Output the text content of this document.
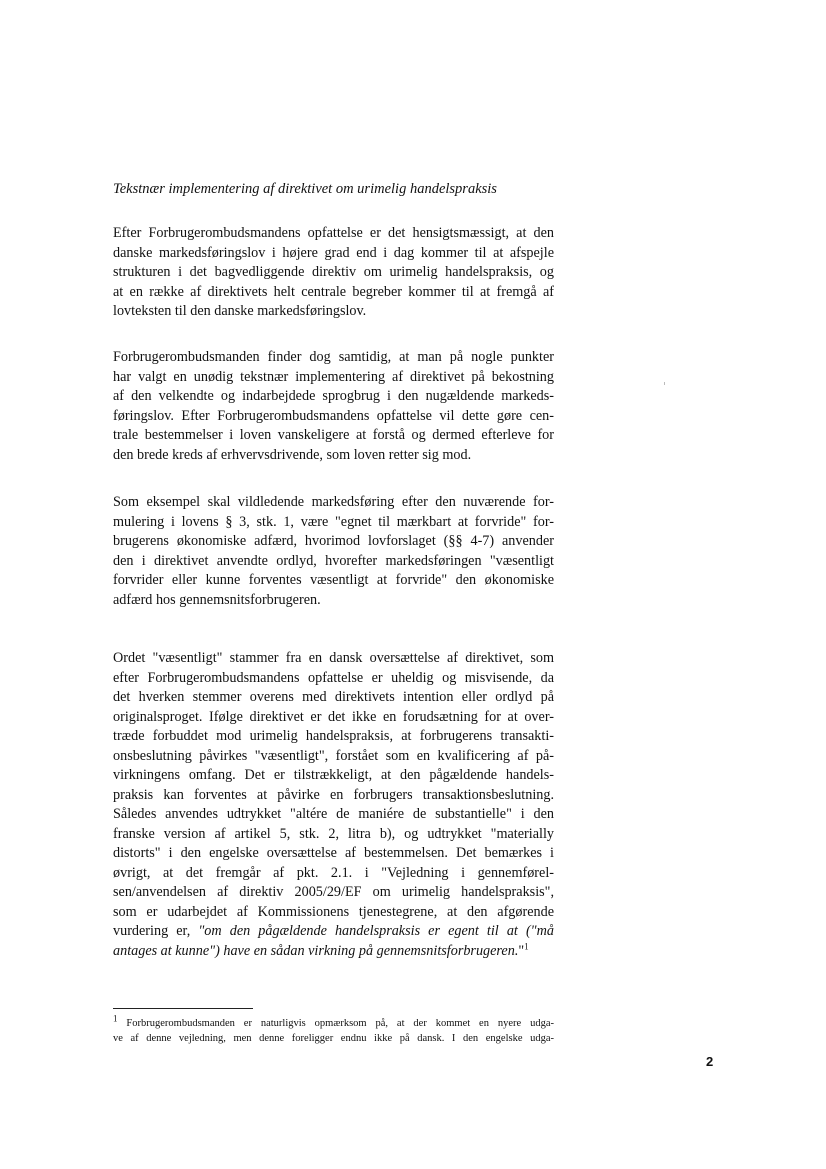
Tekstnær implementering af direktivet om urimelig handelspraksis
Efter Forbrugerombudsmandens opfattelse er det hensigtsmæssigt, at den
danske markedsføringslov i højere grad end i dag kommer til at afspejle
strukturen i det bagvedliggende direktiv om urimelig handelspraksis, og
at en række af direktivets helt centrale begreber kommer til at fremgå af
lovteksten til den danske markedsføringslov.
Forbrugerombudsmanden finder dog samtidig, at man på nogle punkter
har valgt en unødig tekstnær implementering af direktivet på bekostning
af den velkendte og indarbejdede sprogbrug i den nugældende markeds-
føringslov. Efter Forbrugerombudsmandens opfattelse vil dette gøre cen-
trale bestemmelser i loven vanskeligere at forstå og dermed efterleve for
den brede kreds af erhvervsdrivende, som loven retter sig mod.
Som eksempel skal vildledende markedsføring efter den nuværende for-
mulering i lovens § 3, stk. 1, være "egnet til mærkbart at forvride" for-
brugerens økonomiske adfærd, hvorimod lovforslaget (§§ 4-7) anvender
den i direktivet anvendte ordlyd, hvorefter markedsføringen "væsentligt
forvrider eller kunne forventes væsentligt at forvride" den økonomiske
adfærd hos gennemsnitsforbrugeren.
Ordet "væsentligt" stammer fra en dansk oversættelse af direktivet, som
efter Forbrugerombudsmandens opfattelse er uheldig og misvisende, da
det hverken stemmer overens med direktivets intention eller ordlyd på
originalsproget. Ifølge direktivet er det ikke en forudsætning for at over-
træde forbuddet mod urimelig handelspraksis, at forbrugerens transakti-
onsbeslutning påvirkes "væsentligt", forstået som en kvalificering af på-
virkningens omfang. Det er tilstrækkeligt, at den pågældende handels-
praksis kan forventes at påvirke en forbrugers transaktionsbeslutning.
Således anvendes udtrykket "altére de maniére de substantielle" i den
franske version af artikel 5, stk. 2, litra b), og udtrykket "materially
distorts" i den engelske oversættelse af bestemmelsen. Det bemærkes i
øvrigt, at det fremgår af pkt. 2.1. i "Vejledning i gennemførel-
sen/anvendelsen af direktiv 2005/29/EF om urimelig handelspraksis",
som er udarbejdet af Kommissionens tjenestegrene, at den afgørende
vurdering er, "om den pågældende handelspraksis er egent til at ("må
antages at kunne") have en sådan virkning på gennemsnitsforbrugeren."$^1$
$^1$ Forbrugerombudsmanden er naturligvis opmærksom på, at der kommet en nyere udga-
ve af denne vejledning, men denne foreligger endnu ikke på dansk. I den engelske udga-
2
